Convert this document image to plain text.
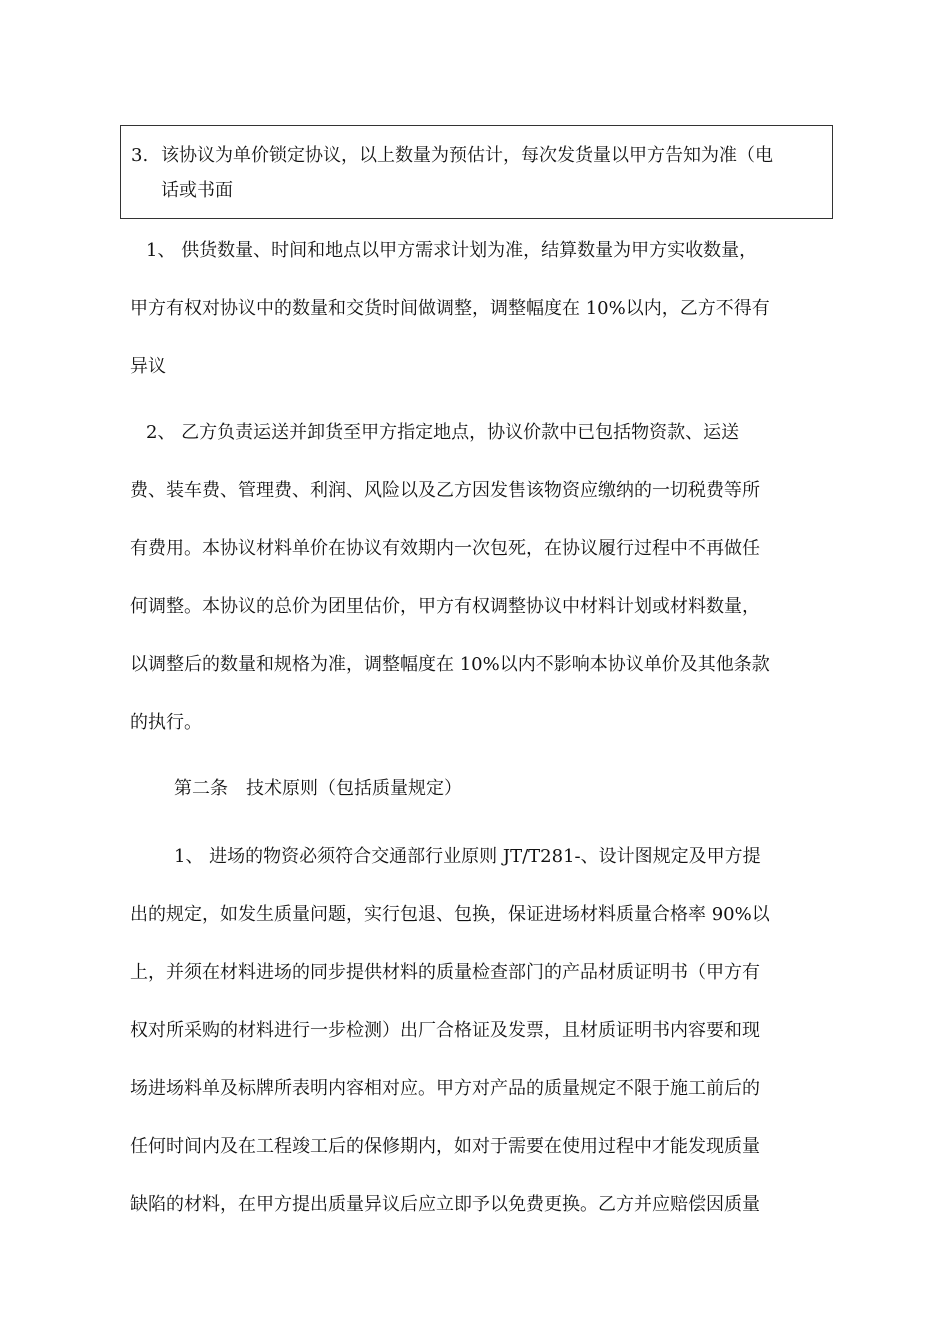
3. 该协议为单价锁定协议，以上数量为预估计，每次发货量以甲方告知为准（电
话或书面
1、 供货数量、时间和地点以甲方需求计划为准，结算数量为甲方实收数量，
甲方有权对协议中的数量和交货时间做调整，调整幅度在 10%以内，乙方不得有
异议
2、 乙方负责运送并卸货至甲方指定地点，协议价款中已包括物资款、运送
费、装车费、管理费、利润、风险以及乙方因发售该物资应缴纳的一切税费等所
有费用。本协议材料单价在协议有效期内一次包死，在协议履行过程中不再做任
何调整。本协议的总价为团里估价，甲方有权调整协议中材料计划或材料数量，
以调整后的数量和规格为准，调整幅度在 10%以内不影响本协议单价及其他条款
的执行。
第二条　技术原则（包括质量规定）
1、 进场的物资必须符合交通部行业原则 JT/T281-、设计图规定及甲方提
出的规定，如发生质量问题，实行包退、包换，保证进场材料质量合格率 90%以
上，并须在材料进场的同步提供材料的质量检查部门的产品材质证明书（甲方有
权对所采购的材料进行一步检测）出厂合格证及发票，且材质证明书内容要和现
场进场料单及标牌所表明内容相对应。甲方对产品的质量规定不限于施工前后的
任何时间内及在工程竣工后的保修期内，如对于需要在使用过程中才能发现质量
缺陷的材料，在甲方提出质量异议后应立即予以免费更换。乙方并应赔偿因质量
